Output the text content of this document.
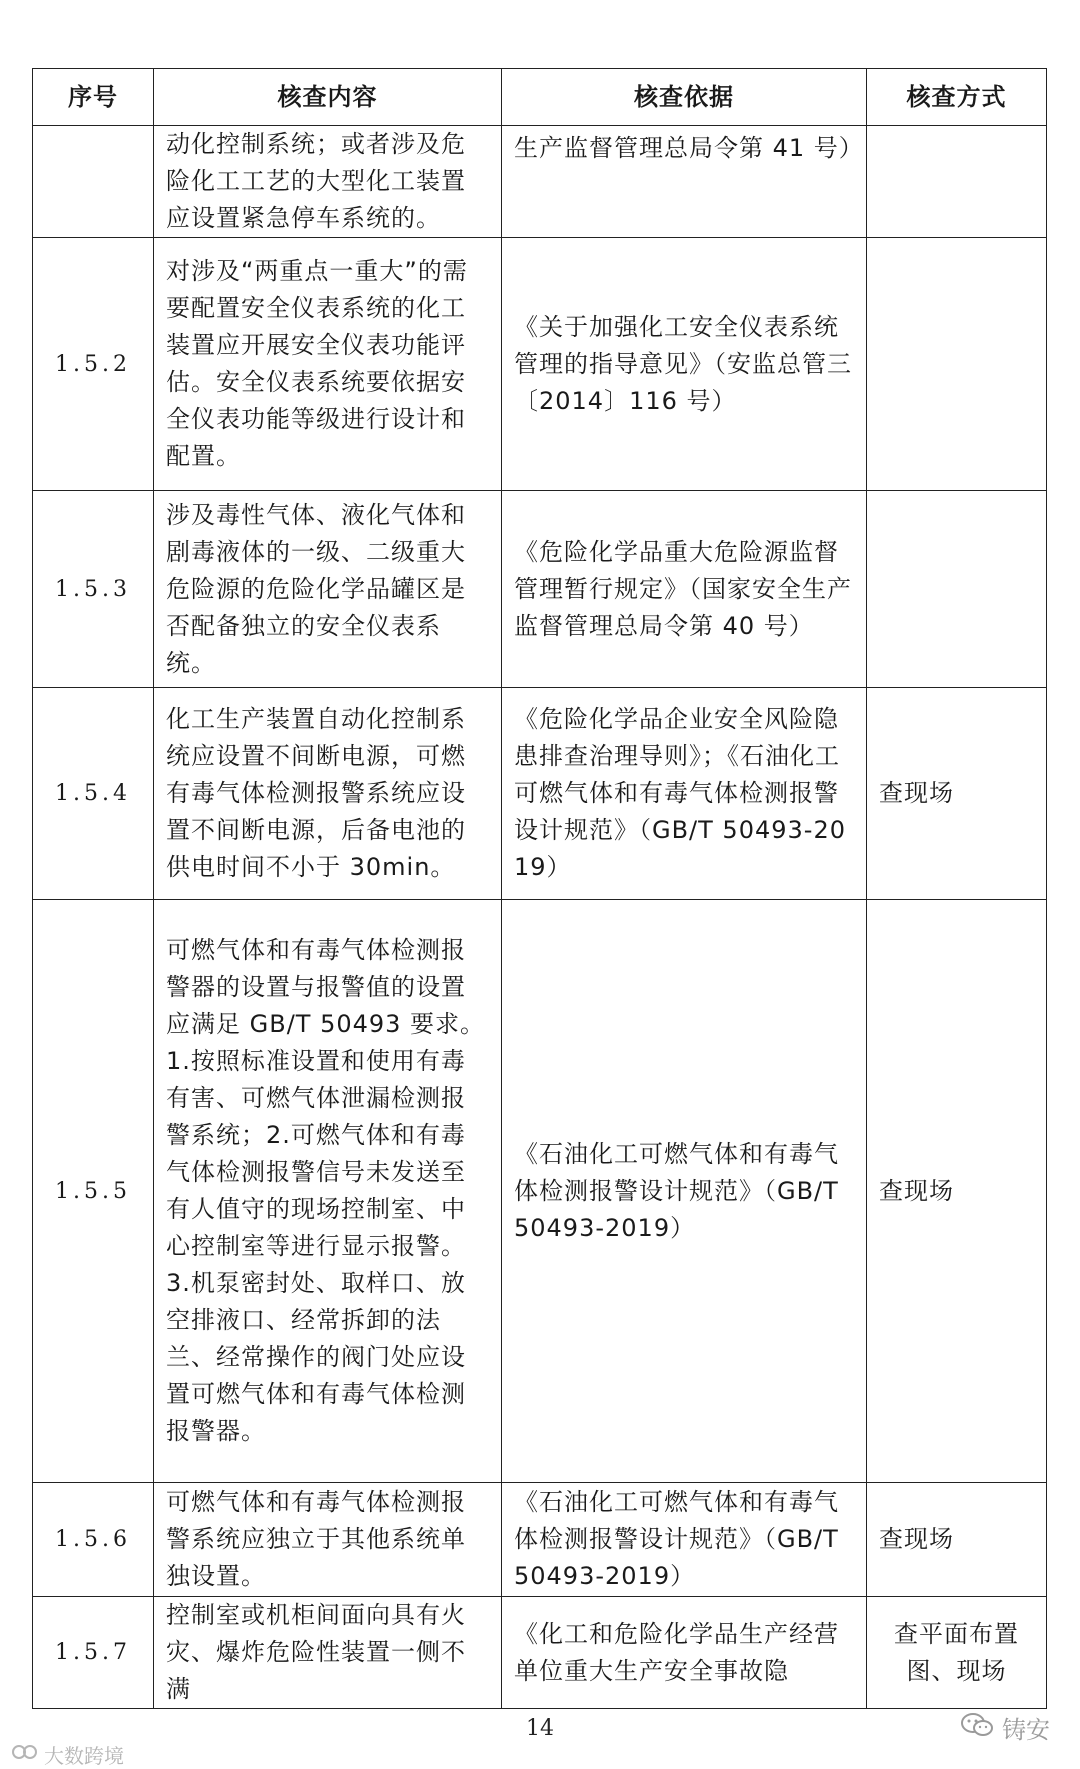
序号	核查内容	核查依据	核查方式
	动化控制系统；或者涉及危险化工工艺的大型化工装置应设置紧急停车系统的。	生产监督管理总局令第 41 号）	
1.5.2	对涉及“两重点一重大”的需要配置安全仪表系统的化工装置应开展安全仪表功能评估。安全仪表系统要依据安全仪表功能等级进行设计和配置。	《关于加强化工安全仪表系统管理的指导意见》（安监总管三〔2014〕116 号）	
1.5.3	涉及毒性气体、液化气体和剧毒液体的一级、二级重大危险源的危险化学品罐区是否配备独立的安全仪表系统。	《危险化学品重大危险源监督管理暂行规定》（国家安全生产监督管理总局令第 40 号）	
1.5.4	化工生产装置自动化控制系统应设置不间断电源，可燃有毒气体检测报警系统应设置不间断电源，后备电池的供电时间不小于 30min。	《危险化学品企业安全风险隐患排查治理导则》；《石油化工可燃气体和有毒气体检测报警设计规范》（GB/T 50493-2019）	查现场
1.5.5	可燃气体和有毒气体检测报警器的设置与报警值的设置应满足 GB/T 50493 要求。1.按照标准设置和使用有毒有害、可燃气体泄漏检测报警系统；2.可燃气体和有毒气体检测报警信号未发送至有人值守的现场控制室、中心控制室等进行显示报警。3.机泵密封处、取样口、放空排液口、经常拆卸的法兰、经常操作的阀门处应设置可燃气体和有毒气体检测报警器。	《石油化工可燃气体和有毒气体检测报警设计规范》（GB/T 50493-2019）	查现场
1.5.6	可燃气体和有毒气体检测报警系统应独立于其他系统单独设置。	《石油化工可燃气体和有毒气体检测报警设计规范》（GB/T 50493-2019）	查现场
1.5.7	控制室或机柜间面向具有火灾、爆炸危险性装置一侧不满	《化工和危险化学品生产经营单位重大生产安全事故隐	查平面布置图、现场
14
大数跨境
铸安
